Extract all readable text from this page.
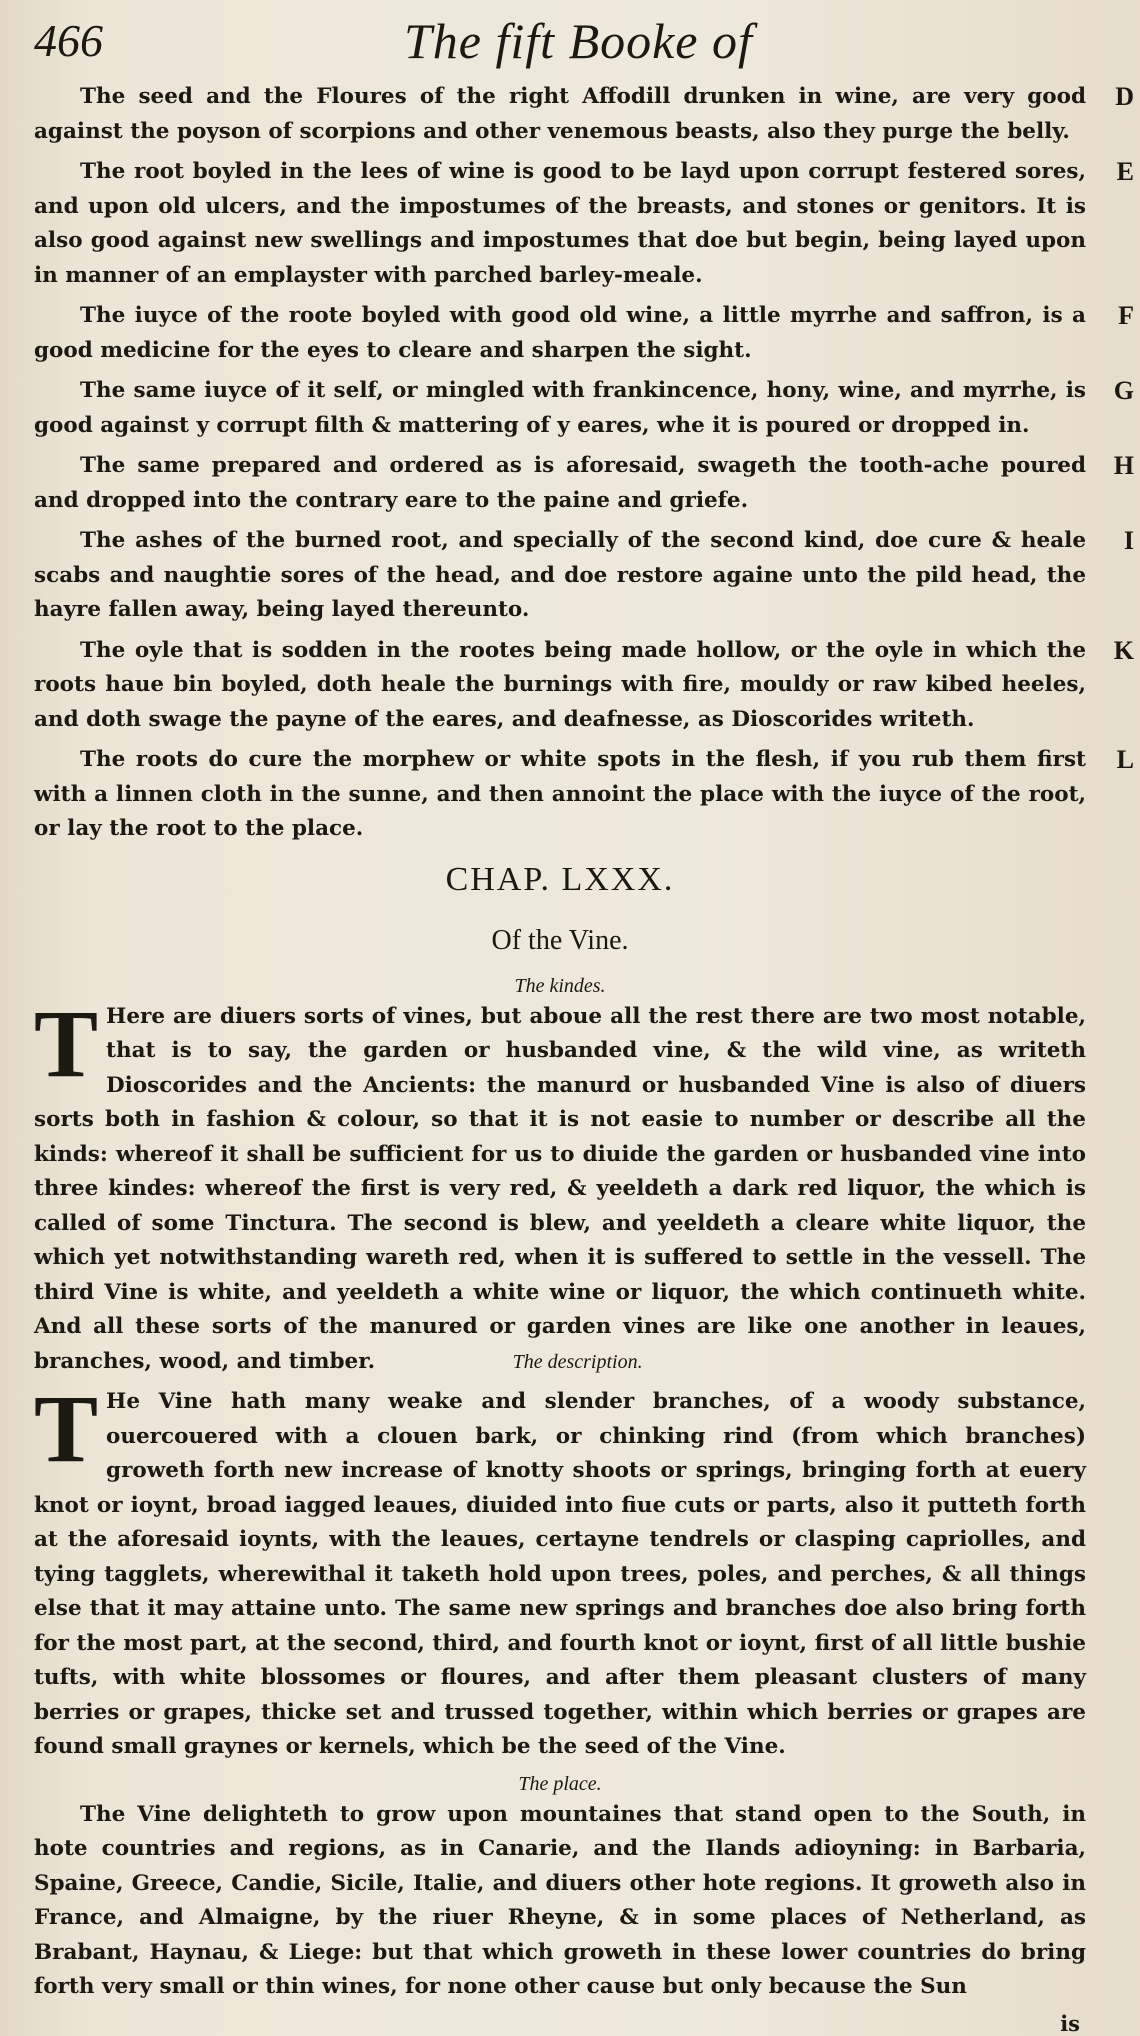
466	The fift Booke of

The seed and the Floures of the right Affodill drunken in wine, are very good against the poyson of scorpions and other venemous beasts, also they purge the belly.
D

The root boyled in the lees of wine is good to be layd upon corrupt festered sores, and upon old ulcers, and the impostumes of the breasts, and stones or genitors. It is also good against new swellings and impostumes that doe but begin, being layed upon in manner of an emplayster with parched barley-meale.
E

The iuyce of the roote boyled with good old wine, a little myrrhe and saffron, is a good medicine for the eyes to cleare and sharpen the sight.
F

The same iuyce of it self, or mingled with frankincence, hony, wine, and myrrhe, is good against y corrupt filth & mattering of y eares, whe it is poured or dropped in.
G

The same prepared and ordered as is aforesaid, swageth the tooth-ache poured and dropped into the contrary eare to the paine and griefe.
H

The ashes of the burned root, and specially of the second kind, doe cure & heale scabs and naughtie sores of the head, and doe restore againe unto the pild head, the hayre fallen away, being layed thereunto.
I

The oyle that is sodden in the rootes being made hollow, or the oyle in which the roots haue bin boyled, doth heale the burnings with fire, mouldy or raw kibed heeles, and doth swage the payne of the eares, and deafnesse, as Dioscorides writeth.
K

The roots do cure the morphew or white spots in the flesh, if you rub them first with a linnen cloth in the sunne, and then annoint the place with the iuyce of the root, or lay the root to the place.
L

CHAP. LXXX.
Of the Vine.
The kindes.

T Here are diuers sorts of vines, but aboue all the rest there are two most notable, that is to say, the garden or husbanded vine, & the wild vine, as writeth Dioscorides and the Ancients: the manurd or husbanded Vine is also of diuers sorts both in fashion & colour, so that it is not easie to number or describe all the kinds: whereof it shall be sufficient for us to diuide the garden or husbanded vine into three kindes: whereof the first is very red, & yeeldeth a dark red liquor, the which is called of some Tinctura. The second is blew, and yeeldeth a cleare white liquor, the which yet notwithstanding wareth red, when it is suffered to settle in the vessell. The third Vine is white, and yeeldeth a white wine or liquor, the which continueth white. And all these sorts of the manured or garden vines are like one another in leaues, branches, wood, and timber.	The description.

T He Vine hath many weake and slender branches, of a woody substance, ouercouered with a clouen bark, or chinking rind (from which branches) groweth forth new increase of knotty shoots or springs, bringing forth at euery knot or ioynt, broad iagged leaues, diuided into fiue cuts or parts, also it putteth forth at the aforesaid ioynts, with the leaues, certayne tendrels or clasping capriolles, and tying tagglets, wherewithal it taketh hold upon trees, poles, and perches, & all things else that it may attaine unto. The same new springs and branches doe also bring forth for the most part, at the second, third, and fourth knot or ioynt, first of all little bushie tufts, with white blossomes or floures, and after them pleasant clusters of many berries or grapes, thicke set and trussed together, within which berries or grapes are found small graynes or kernels, which be the seed of the Vine.

The place.

The Vine delighteth to grow upon mountaines that stand open to the South, in hote countries and regions, as in Canarie, and the Ilands adioyning: in Barbaria, Spaine, Greece, Candie, Sicile, Italie, and diuers other hote regions. It groweth also in France, and Almaigne, by the riuer Rheyne, & in some places of Netherland, as Brabant, Haynau, & Liege: but that which groweth in these lower countries do bring forth very small or thin wines, for none other cause but only because the Sun

is
